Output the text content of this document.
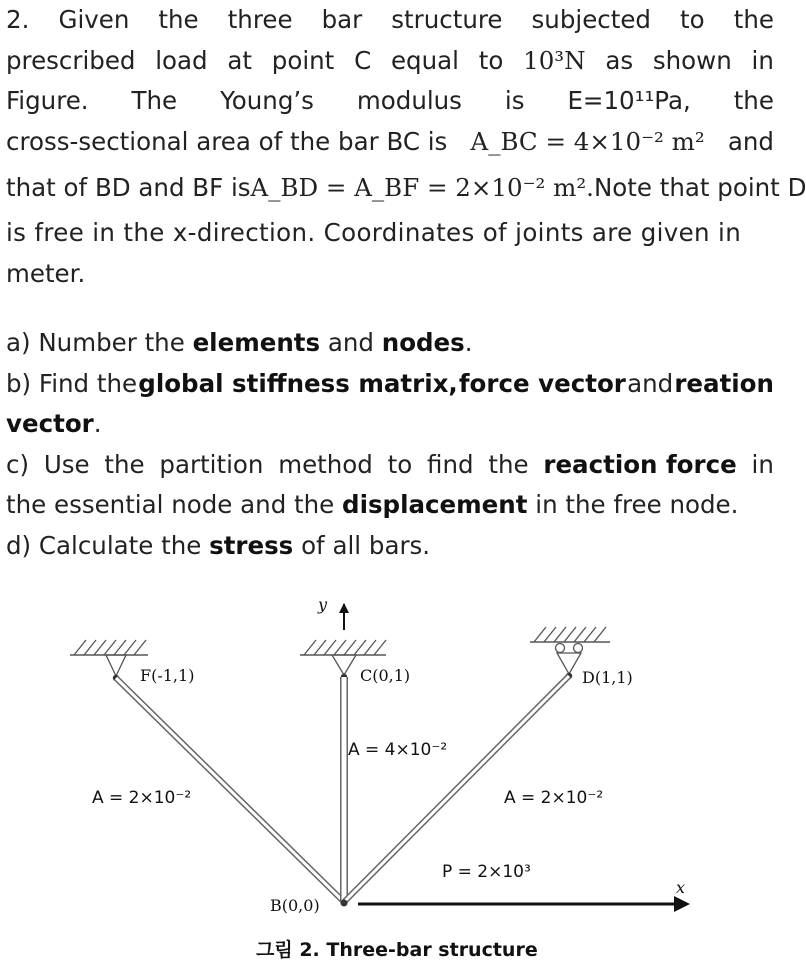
2. Given the three bar structure subjected to the
prescribed load at point C equal to 10³N as shown in
Figure. The Young’s modulus is E=10¹¹Pa, the
cross-sectional area of the bar BC is A_BC = 4×10⁻² m² and
that of BD and BF is A_BD = A_BF = 2×10⁻² m². Note that point D
is free in the x-direction. Coordinates of joints are given in
meter.
a) Number the elements and nodes.
b) Find the global stiffness matrix, force vector and reation
vector.
c) Use the partition method to find the reaction force in
the essential node and the displacement in the free node.
d) Calculate the stress of all bars.
y
x
F(-1,1)	C(0,1)	D(1,1)
B(0,0)
A = 2×10⁻²
A = 4×10⁻²
A = 2×10⁻²
P = 2×10³
그림 2. Three-bar structure
